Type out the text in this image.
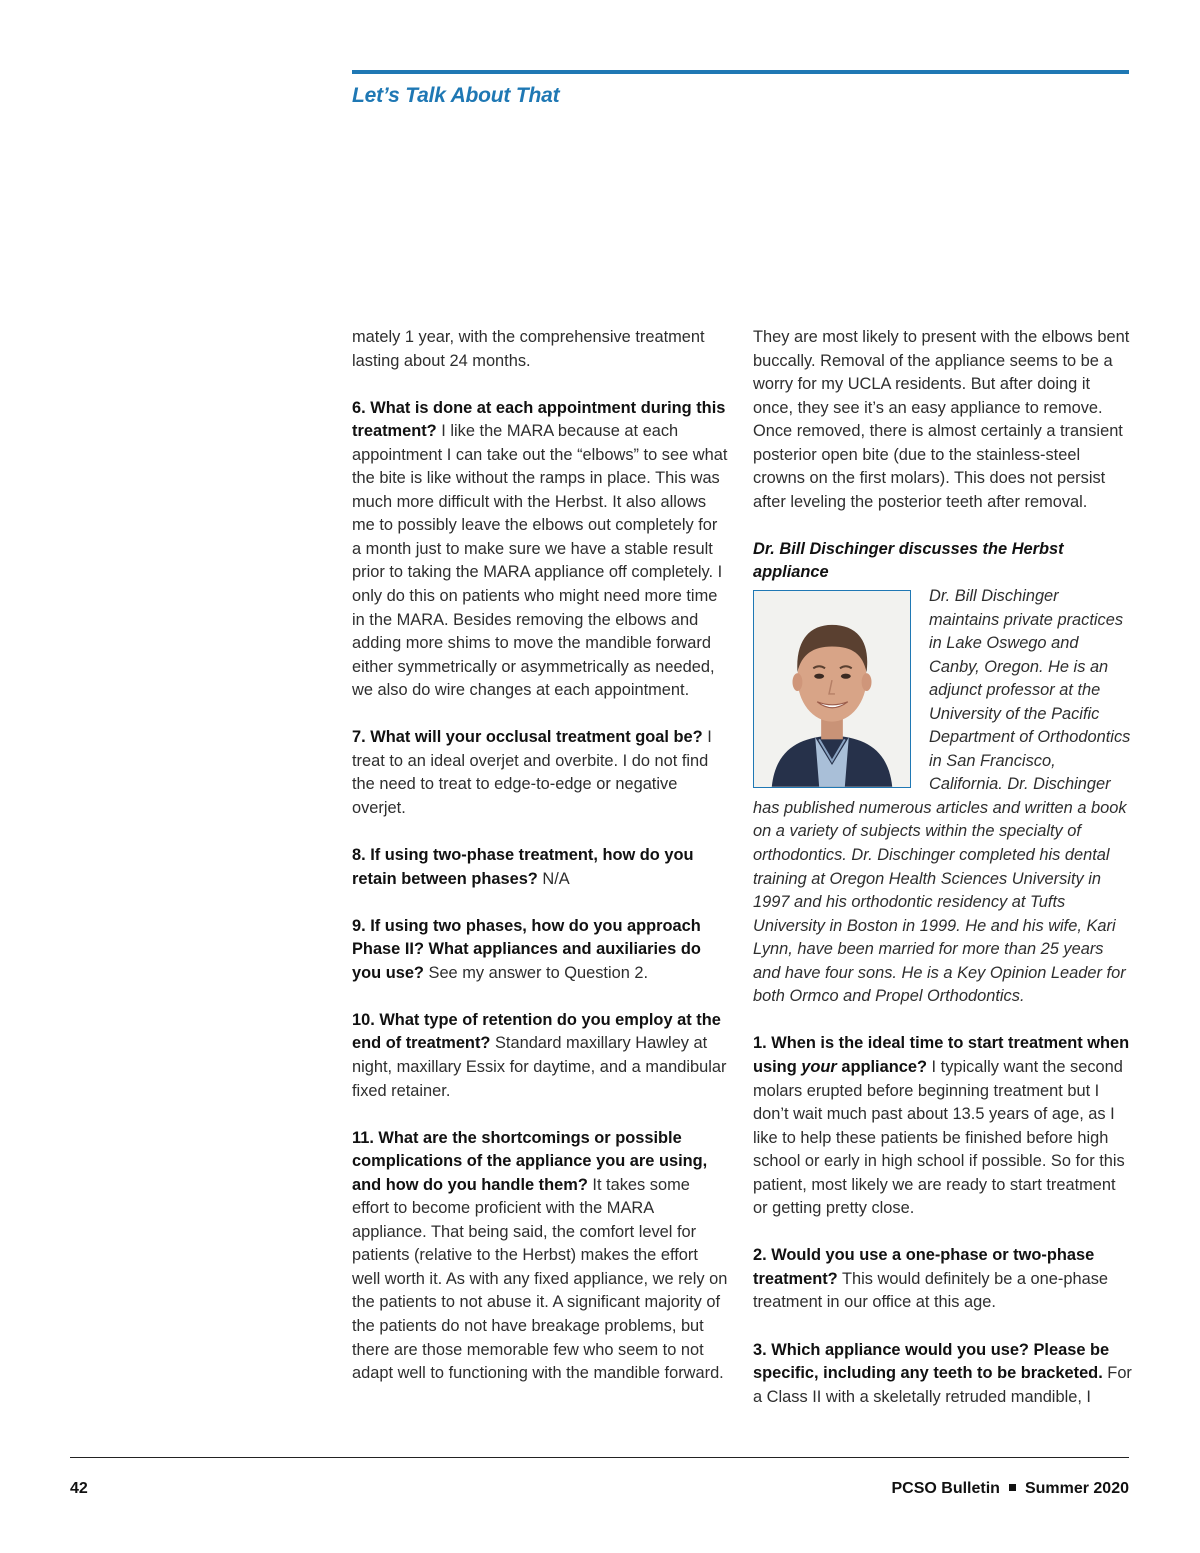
Let’s Talk About That

mately 1 year, with the comprehensive treatment lasting about 24 months.

6. What is done at each appointment during this treatment? I like the MARA because at each appointment I can take out the “elbows” to see what the bite is like without the ramps in place. This was much more difficult with the Herbst. It also allows me to possibly leave the elbows out completely for a month just to make sure we have a stable result prior to taking the MARA appliance off completely. I only do this on patients who might need more time in the MARA. Besides removing the elbows and adding more shims to move the mandible forward either symmetrically or asymmetrically as needed, we also do wire changes at each appointment.

7. What will your occlusal treatment goal be? I treat to an ideal overjet and overbite. I do not find the need to treat to edge-to-edge or negative overjet.

8. If using two-phase treatment, how do you retain between phases? N/A

9. If using two phases, how do you approach Phase II? What appliances and auxiliaries do you use? See my answer to Question 2.

10. What type of retention do you employ at the end of treatment? Standard maxillary Hawley at night, maxillary Essix for daytime, and a mandibular fixed retainer.

11. What are the shortcomings or possible complications of the appliance you are using, and how do you handle them? It takes some effort to become proficient with the MARA appliance. That being said, the comfort level for patients (relative to the Herbst) makes the effort well worth it. As with any fixed appliance, we rely on the patients to not abuse it. A significant majority of the patients do not have breakage problems, but there are those memorable few who seem to not adapt well to functioning with the mandible forward.

They are most likely to present with the elbows bent buccally. Removal of the appliance seems to be a worry for my UCLA residents. But after doing it once, they see it’s an easy appliance to remove. Once removed, there is almost certainly a transient posterior open bite (due to the stainless-steel crowns on the first molars). This does not persist after leveling the posterior teeth after removal.

Dr. Bill Dischinger discusses the Herbst appliance
Dr. Bill Dischinger maintains private practices in Lake Oswego and Canby, Oregon. He is an adjunct professor at the University of the Pacific Department of Orthodontics in San Francisco, California. Dr. Dischinger has published numerous articles and written a book on a variety of subjects within the specialty of orthodontics. Dr. Dischinger completed his dental training at Oregon Health Sciences University in 1997 and his orthodontic residency at Tufts University in Boston in 1999. He and his wife, Kari Lynn, have been married for more than 25 years and have four sons. He is a Key Opinion Leader for both Ormco and Propel Orthodontics.

1. When is the ideal time to start treatment when using your appliance? I typically want the second molars erupted before beginning treatment but I don’t wait much past about 13.5 years of age, as I like to help these patients be finished before high school or early in high school if possible. So for this patient, most likely we are ready to start treatment or getting pretty close.

2. Would you use a one-phase or two-phase treatment? This would definitely be a one-phase treatment in our office at this age.

3. Which appliance would you use? Please be specific, including any teeth to be bracketed. For a Class II with a skeletally retruded mandible, I

42	PCSO Bulletin Summer 2020
